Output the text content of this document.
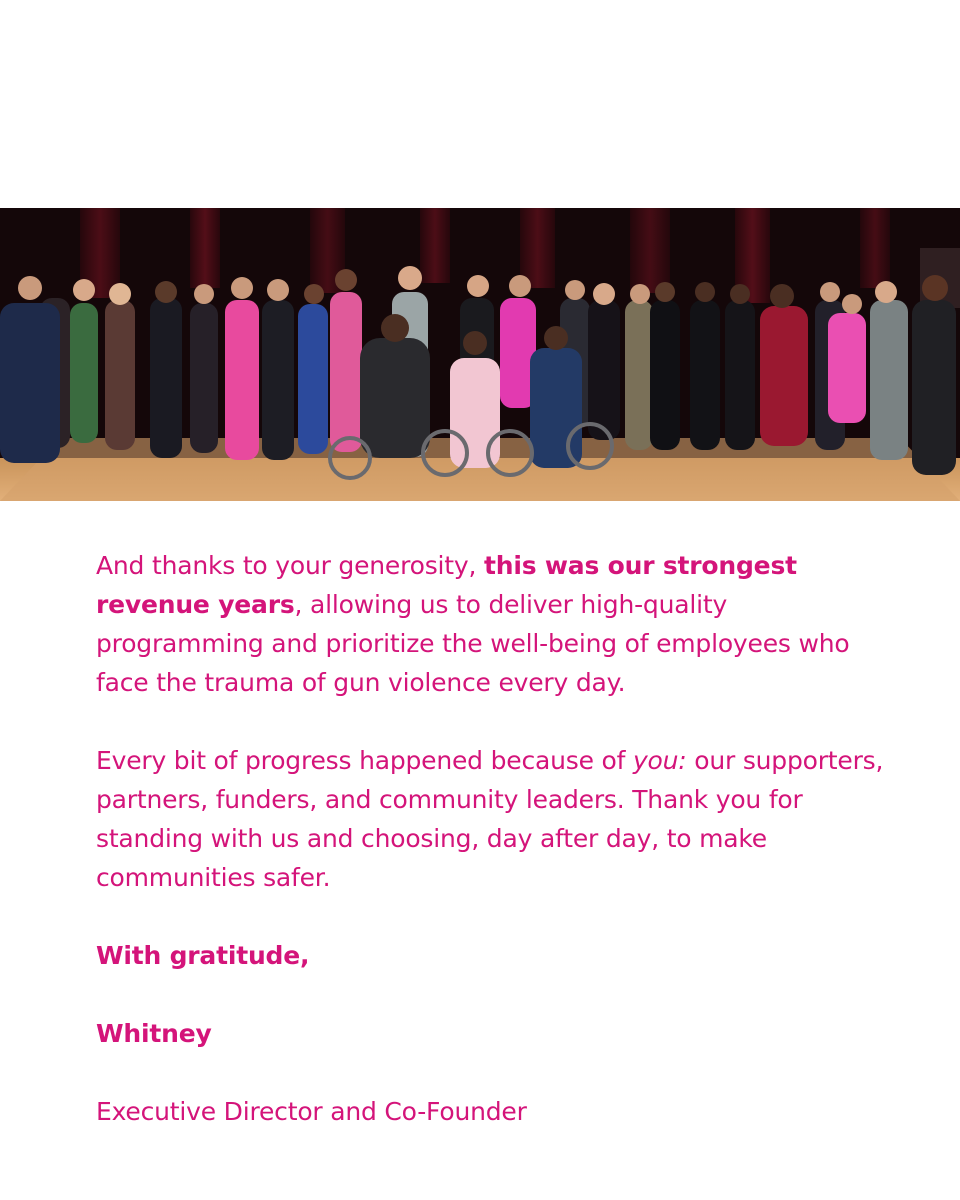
And thanks to your generosity, this was our strongest revenue years, allowing us to deliver high-quality programming and prioritize the well-being of employees who face the trauma of gun violence every day.

Every bit of progress happened because of you: our supporters, partners, funders, and community leaders. Thank you for standing with us and choosing, day after day, to make communities safer.

With gratitude,

Whitney

Executive Director and Co-Founder
